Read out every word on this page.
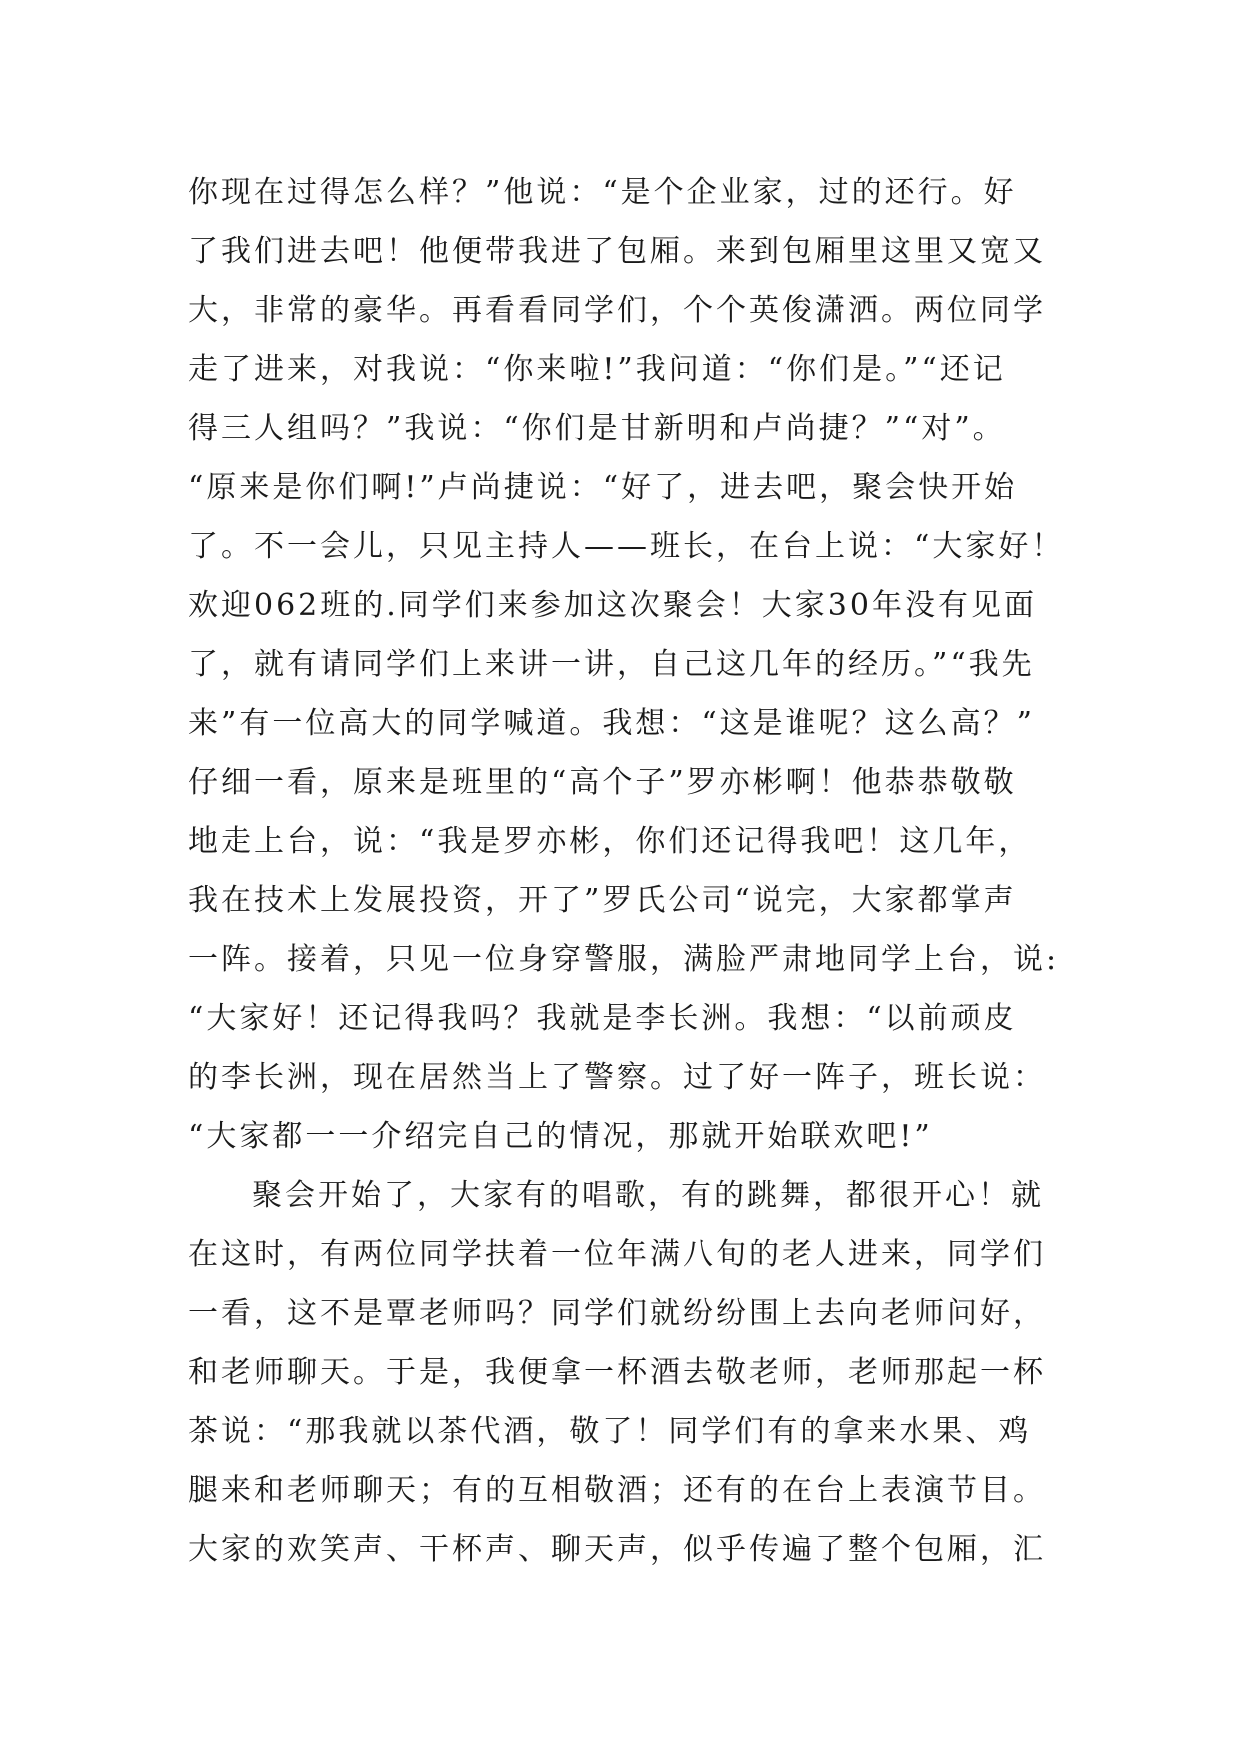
你现在过得怎么样？”他说：“是个企业家，过的还行。好
了我们进去吧！他便带我进了包厢。来到包厢里这里又宽又
大，非常的豪华。再看看同学们，个个英俊潇洒。两位同学
走了进来，对我说：“你来啦!”我问道：“你们是。”“还记
得三人组吗？”我说：“你们是甘新明和卢尚捷？”“对”。
“原来是你们啊!”卢尚捷说：“好了，进去吧，聚会快开始
了。不一会儿，只见主持人——班长，在台上说：“大家好！
欢迎062班的.同学们来参加这次聚会！大家30年没有见面
了，就有请同学们上来讲一讲，自己这几年的经历。”“我先
来”有一位高大的同学喊道。我想：“这是谁呢？这么高？”
仔细一看，原来是班里的“高个子”罗亦彬啊！他恭恭敬敬
地走上台，说：“我是罗亦彬，你们还记得我吧！这几年，
我在技术上发展投资，开了”罗氏公司“说完，大家都掌声
一阵。接着，只见一位身穿警服，满脸严肃地同学上台，说:
“大家好！还记得我吗？我就是李长洲。我想：“以前顽皮
的李长洲，现在居然当上了警察。过了好一阵子，班长说：
“大家都一一介绍完自己的情况，那就开始联欢吧!”
聚会开始了，大家有的唱歌，有的跳舞，都很开心！就
在这时，有两位同学扶着一位年满八旬的老人进来，同学们
一看，这不是覃老师吗？同学们就纷纷围上去向老师问好，
和老师聊天。于是，我便拿一杯酒去敬老师，老师那起一杯
茶说：“那我就以茶代酒，敬了！同学们有的拿来水果、鸡
腿来和老师聊天；有的互相敬酒；还有的在台上表演节目。
大家的欢笑声、干杯声、聊天声，似乎传遍了整个包厢，汇
